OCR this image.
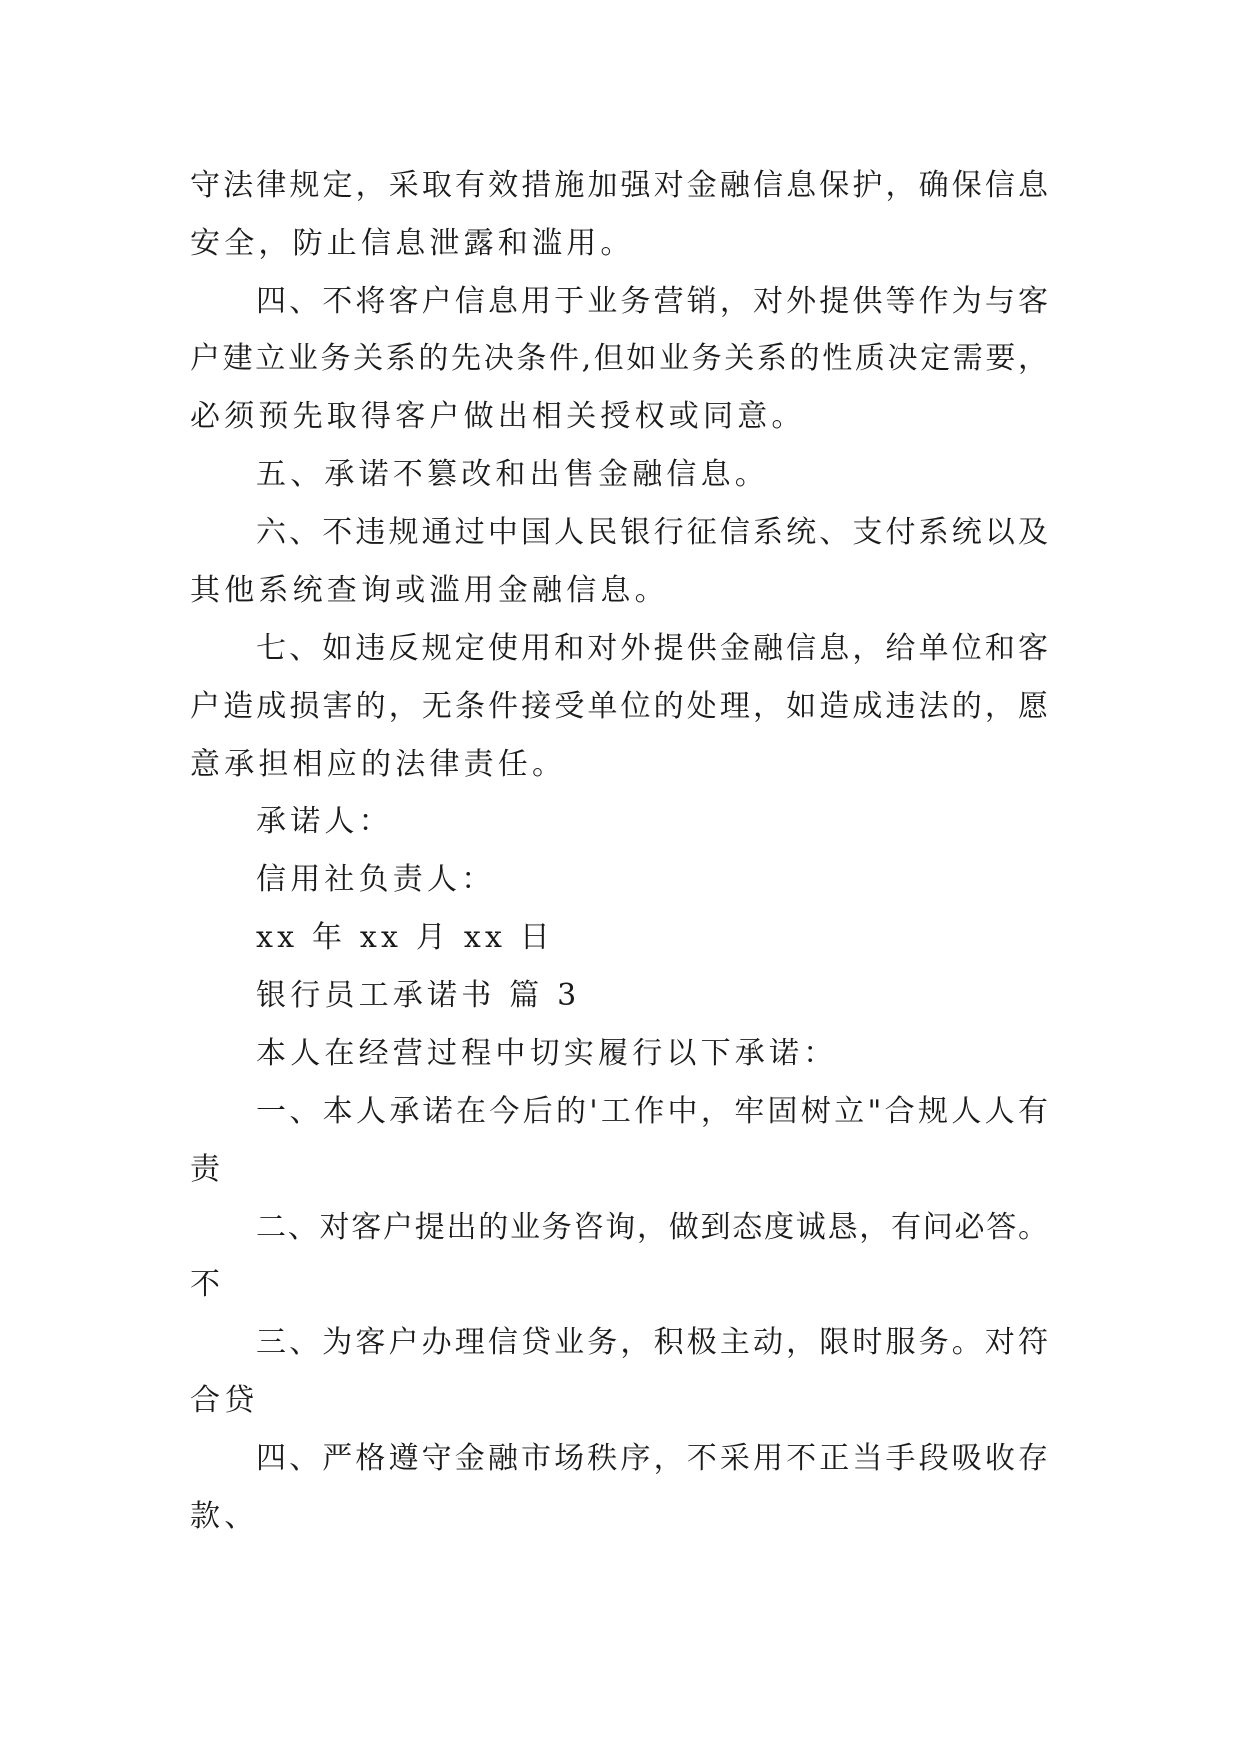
守法律规定，采取有效措施加强对金融信息保护，确保信息
安全，防止信息泄露和滥用。
四、不将客户信息用于业务营销，对外提供等作为与客
户建立业务关系的先决条件,但如业务关系的性质决定需要，
必须预先取得客户做出相关授权或同意。
五、承诺不篡改和出售金融信息。
六、不违规通过中国人民银行征信系统、支付系统以及
其他系统查询或滥用金融信息。
七、如违反规定使用和对外提供金融信息，给单位和客
户造成损害的，无条件接受单位的处理，如造成违法的，愿
意承担相应的法律责任。
承诺人：
信用社负责人：
xx 年 xx 月 xx 日
银行员工承诺书 篇 3
本人在经营过程中切实履行以下承诺：
一、本人承诺在今后的'工作中，牢固树立"合规人人有
责
二、对客户提出的业务咨询，做到态度诚恳，有问必答。
不
三、为客户办理信贷业务，积极主动，限时服务。对符
合贷
四、严格遵守金融市场秩序，不采用不正当手段吸收存
款、
